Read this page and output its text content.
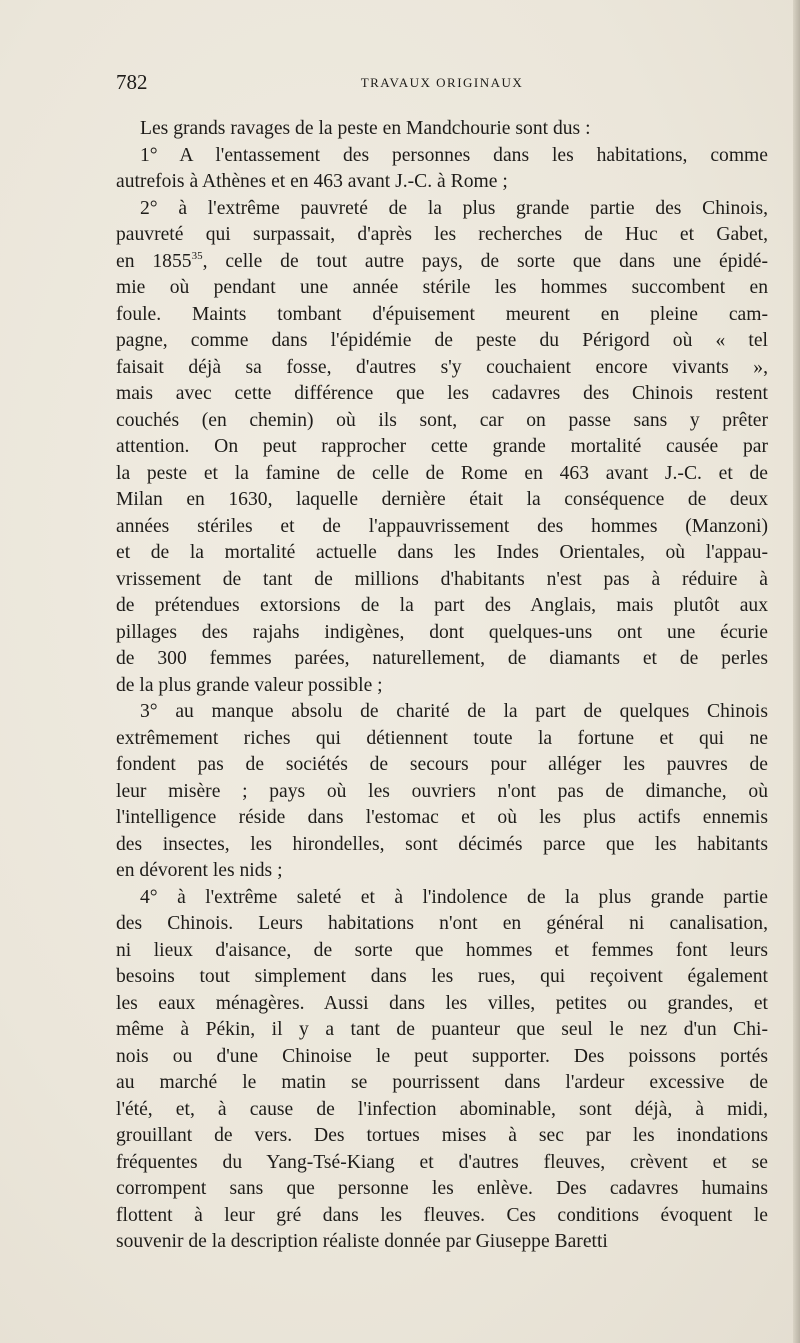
782	TRAVAUX ORIGINAUX
Les grands ravages de la peste en Mandchourie sont dus :
1° A l'entassement des personnes dans les habitations, comme
autrefois à Athènes et en 463 avant J.-C. à Rome ;
2° à l'extrême pauvreté de la plus grande partie des Chinois,
pauvreté qui surpassait, d'après les recherches de Huc et Gabet,
en 1855$^{35}$, celle de tout autre pays, de sorte que dans une épidé-
mie où pendant une année stérile les hommes succombent en
foule. Maints tombant d'épuisement meurent en pleine cam-
pagne, comme dans l'épidémie de peste du Périgord où « tel
faisait déjà sa fosse, d'autres s'y couchaient encore vivants »,
mais avec cette différence que les cadavres des Chinois restent
couchés (en chemin) où ils sont, car on passe sans y prêter
attention. On peut rapprocher cette grande mortalité causée par
la peste et la famine de celle de Rome en 463 avant J.-C. et de
Milan en 1630, laquelle dernière était la conséquence de deux
années stériles et de l'appauvrissement des hommes (Manzoni)
et de la mortalité actuelle dans les Indes Orientales, où l'appau-
vrissement de tant de millions d'habitants n'est pas à réduire à
de prétendues extorsions de la part des Anglais, mais plutôt aux
pillages des rajahs indigènes, dont quelques-uns ont une écurie
de 300 femmes parées, naturellement, de diamants et de perles
de la plus grande valeur possible ;
3° au manque absolu de charité de la part de quelques Chinois
extrêmement riches qui détiennent toute la fortune et qui ne
fondent pas de sociétés de secours pour alléger les pauvres de
leur misère ; pays où les ouvriers n'ont pas de dimanche, où
l'intelligence réside dans l'estomac et où les plus actifs ennemis
des insectes, les hirondelles, sont décimés parce que les habitants
en dévorent les nids ;
4° à l'extrême saleté et à l'indolence de la plus grande partie
des Chinois. Leurs habitations n'ont en général ni canalisation,
ni lieux d'aisance, de sorte que hommes et femmes font leurs
besoins tout simplement dans les rues, qui reçoivent également
les eaux ménagères. Aussi dans les villes, petites ou grandes, et
même à Pékin, il y a tant de puanteur que seul le nez d'un Chi-
nois ou d'une Chinoise le peut supporter. Des poissons portés
au marché le matin se pourrissent dans l'ardeur excessive de
l'été, et, à cause de l'infection abominable, sont déjà, à midi,
grouillant de vers. Des tortues mises à sec par les inondations
fréquentes du Yang-Tsé-Kiang et d'autres fleuves, crèvent et se
corrompent sans que personne les enlève. Des cadavres humains
flottent à leur gré dans les fleuves. Ces conditions évoquent le
souvenir de la description réaliste donnée par Giuseppe Baretti
